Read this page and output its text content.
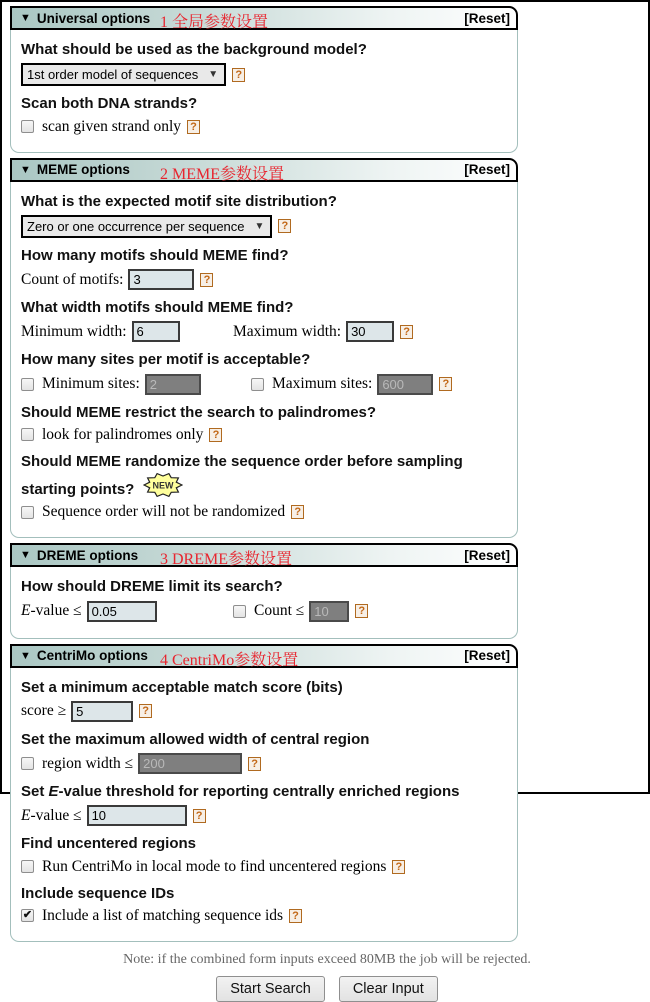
▼ Universal options 1 全局参数设置	[Reset]
What should be used as the background model?
1st order model of sequences ▼ ?
Scan both DNA strands?
scan given strand only ?
▼ MEME options 2 MEME参数设置	[Reset]
What is the expected motif site distribution?
Zero or one occurrence per sequence ▼ ?
How many motifs should MEME find?
Count of motifs:
3	?
What width motifs should MEME find?
Minimum width:
6	Maximum width:
30	?
How many sites per motif is acceptable?
Minimum sites:
2	Maximum sites:
600	?
Should MEME restrict the search to palindromes?
look for palindromes only ?
Should MEME randomize the sequence order before sampling starting points? NEW
Sequence order will not be randomized ?
▼ DREME options 3 DREME参数设置	[Reset]
How should DREME limit its search?
E -value ≤
0.05	Count ≤
10	?
▼ CentriMo options 4 CentriMo参数设置	[Reset]
Set a minimum acceptable match score (bits)
score ≥
5	?
Set the maximum allowed width of central region
region width ≤
200	?
Set E-value threshold for reporting centrally enriched regions
E -value ≤
10	?
Find uncentered regions
Run CentriMo in local mode to find uncentered regions ?
Include sequence IDs
✔ Include a list of matching sequence ids ?
Note: if the combined form inputs exceed 80MB the job will be rejected.
Start Search	Clear Input
